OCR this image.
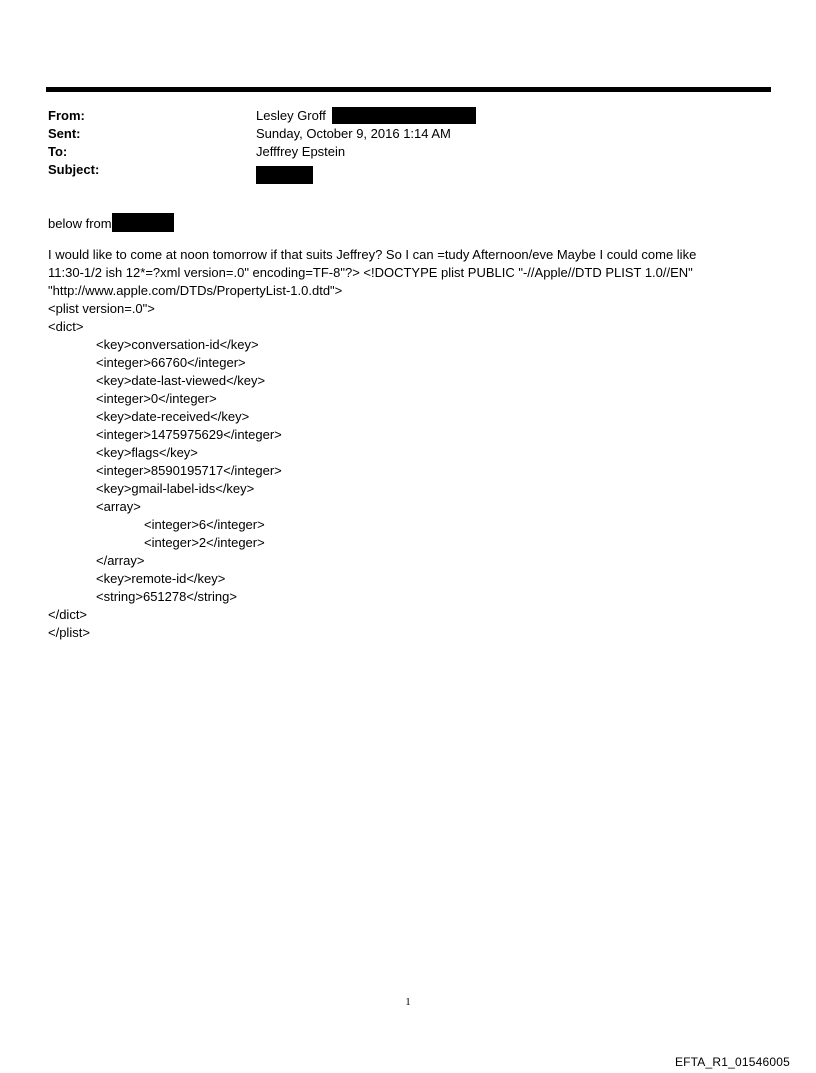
From:	Lesley Groff
Sent:	Sunday, October 9, 2016 1:14 AM
To:	Jefffrey Epstein
Subject:
below from
I would like to come at noon tomorrow if that suits Jeffrey? So I can =tudy Afternoon/eve Maybe I could come like
11:30-1/2 ish 12*=?xml version=.0" encoding=TF-8"?> <!DOCTYPE plist PUBLIC "-//Apple//DTD PLIST 1.0//EN"
"http://www.apple.com/DTDs/PropertyList-1.0.dtd">
<plist version=.0">
<dict>
<key>conversation-id</key>
<integer>66760</integer>
<key>date-last-viewed</key>
<integer>0</integer>
<key>date-received</key>
<integer>1475975629</integer>
<key>flags</key>
<integer>8590195717</integer>
<key>gmail-label-ids</key>
<array>
<integer>6</integer>
<integer>2</integer>
</array>
<key>remote-id</key>
<string>651278</string>
</dict>
</plist>
1
EFTA_R1_01546005
